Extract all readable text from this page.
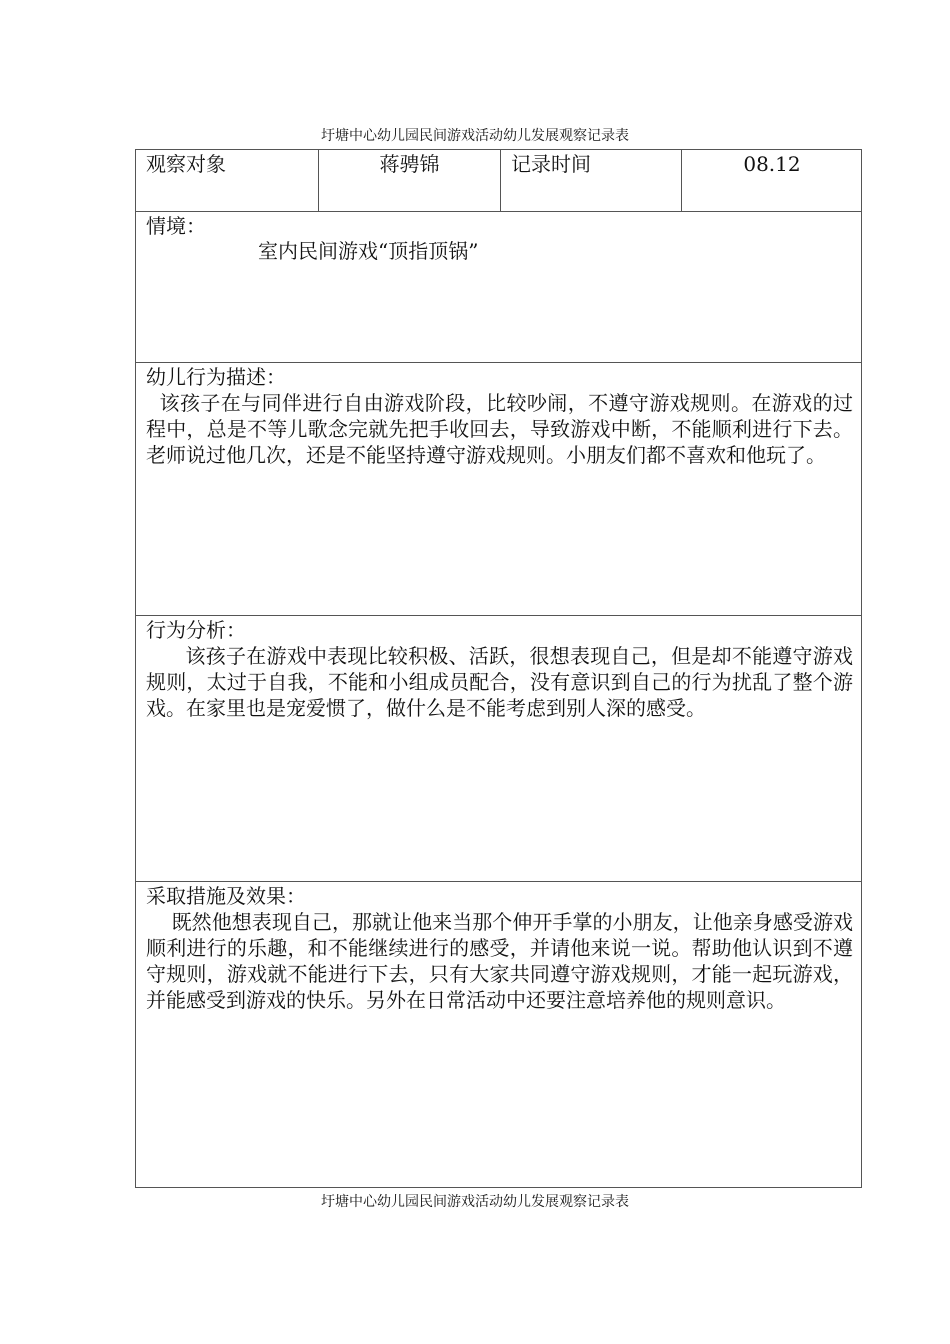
圩塘中心幼儿园民间游戏活动幼儿发展观察记录表
观察对象	蒋骋锦	记录时间	08.12
情境：
室内民间游戏“顶指顶锅”
幼儿行为描述：
该孩子在与同伴进行自由游戏阶段，比较吵闹，不遵守游戏规则。在游戏的过程中，总是不等儿歌念完就先把手收回去，导致游戏中断，不能顺利进行下去。老师说过他几次，还是不能坚持遵守游戏规则。小朋友们都不喜欢和他玩了。
行为分析：
该孩子在游戏中表现比较积极、活跃，很想表现自己，但是却不能遵守游戏规则，太过于自我，不能和小组成员配合，没有意识到自己的行为扰乱了整个游戏。在家里也是宠爱惯了，做什么是不能考虑到别人深的感受。
采取措施及效果：
既然他想表现自己，那就让他来当那个伸开手掌的小朋友，让他亲身感受游戏顺利进行的乐趣，和不能继续进行的感受，并请他来说一说。帮助他认识到不遵守规则，游戏就不能进行下去，只有大家共同遵守游戏规则，才能一起玩游戏，并能感受到游戏的快乐。另外在日常活动中还要注意培养他的规则意识。
圩塘中心幼儿园民间游戏活动幼儿发展观察记录表
